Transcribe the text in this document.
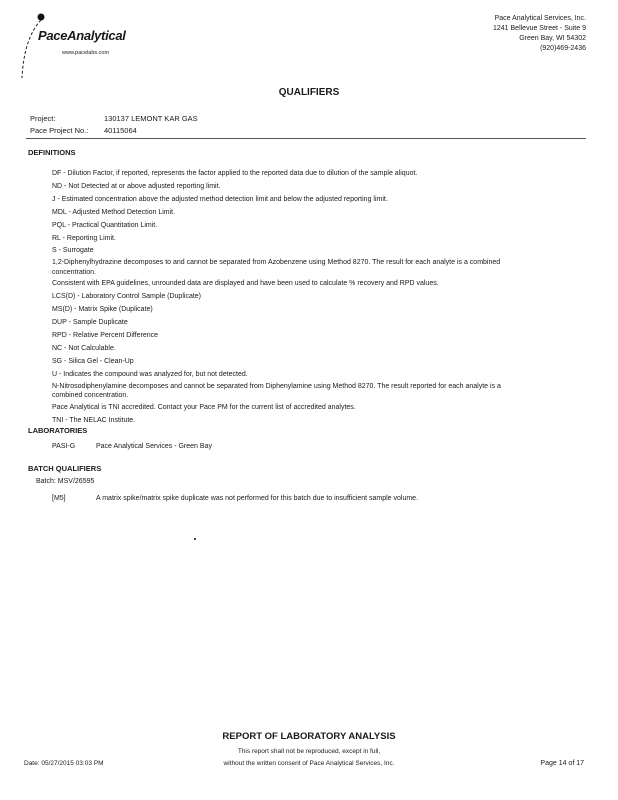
PaceAnalytical
www.pacelabs.com
Pace Analytical Services, Inc.
1241 Bellevue Street - Suite 9
Green Bay, WI 54302
(920)469-2436
QUALIFIERS
Project:	130137 LEMONT KAR GAS
Pace Project No.: 40115064
DEFINITIONS
DF - Dilution Factor, if reported, represents the factor applied to the reported data due to dilution of the sample aliquot.
ND - Not Detected at or above adjusted reporting limit.
J - Estimated concentration above the adjusted method detection limit and below the adjusted reporting limit.
MDL - Adjusted Method Detection Limit.
PQL - Practical Quantitation Limit.
RL - Reporting Limit.
S - Surrogate
1,2-Diphenylhydrazine decomposes to and cannot be separated from Azobenzene using Method 8270. The result for each analyte is a combined concentration.
Consistent with EPA guidelines, unrounded data are displayed and have been used to calculate % recovery and RPD values.
LCS(D) - Laboratory Control Sample (Duplicate)
MS(D) - Matrix Spike (Duplicate)
DUP - Sample Duplicate
RPD - Relative Percent Difference
NC - Not Calculable.
SG - Silica Gel - Clean-Up
U - Indicates the compound was analyzed for, but not detected.
N-Nitrosodiphenylamine decomposes and cannot be separated from Diphenylamine using Method 8270. The result reported for each analyte is a combined concentration.
Pace Analytical is TNI accredited. Contact your Pace PM for the current list of accredited analytes.
TNI - The NELAC Institute.
LABORATORIES
PASI-G	Pace Analytical Services - Green Bay
BATCH QUALIFIERS
Batch: MSV/26595
[M5]	A matrix spike/matrix spike duplicate was not performed for this batch due to insufficient sample volume.
REPORT OF LABORATORY ANALYSIS
This report shall not be reproduced, except in full,
without the written consent of Pace Analytical Services, Inc.
Date: 05/27/2015 03:03 PM	Page 14 of 17
